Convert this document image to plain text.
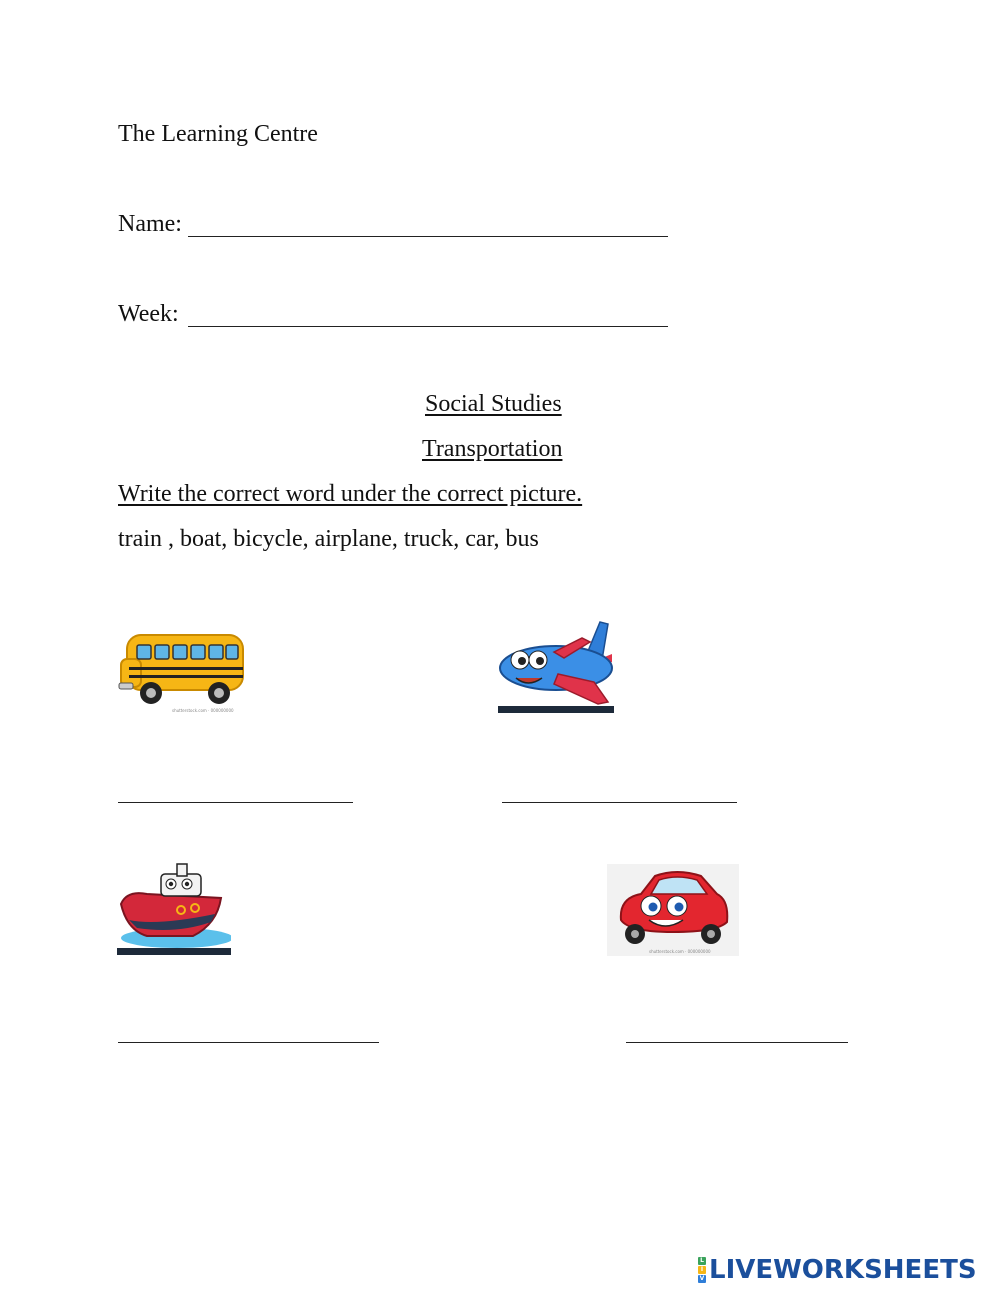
The Learning Centre
Name:
Week:
Social Studies
Transportation
Write the correct word under the correct picture.
train , boat, bicycle, airplane, truck, car, bus
shutterstock.com · 000000000
shutterstock.com · 000000000
L
I
V LIVEWORKSHEETS
